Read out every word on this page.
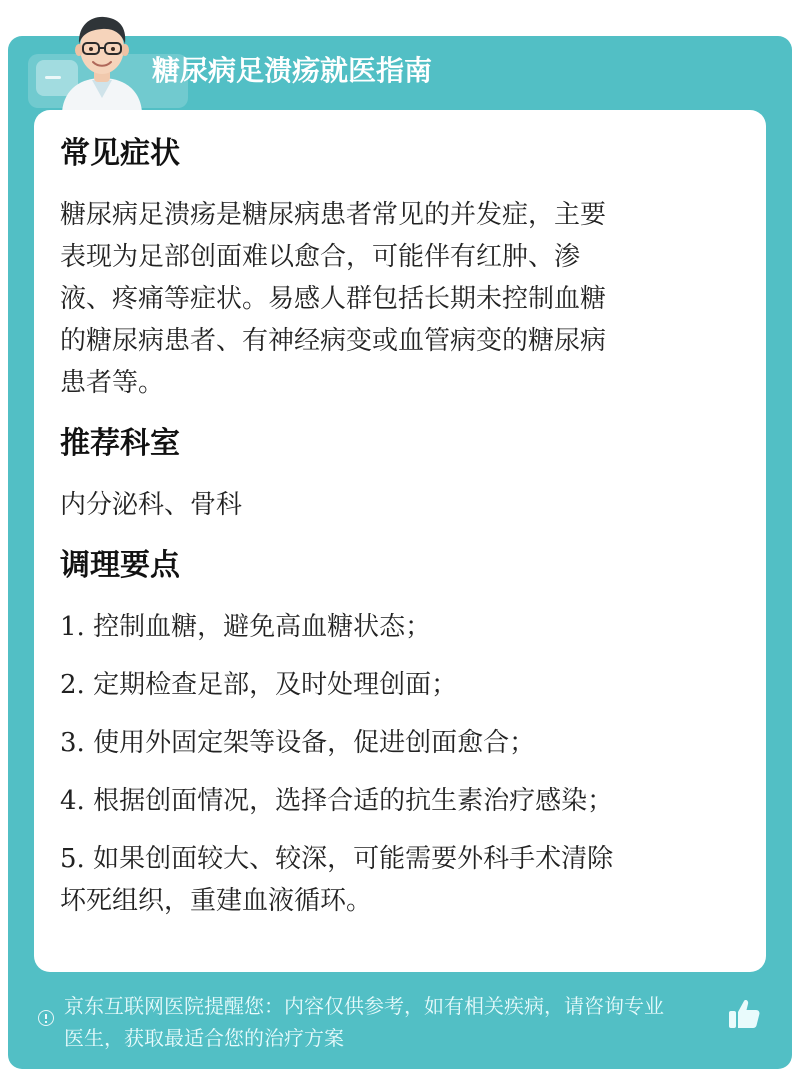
糖尿病足溃疡就医指南
常见症状

糖尿病足溃疡是糖尿病患者常见的并发症，主要

表现为足部创面难以愈合，可能伴有红肿、渗

液、疼痛等症状。易感人群包括长期未控制血糖

的糖尿病患者、有神经病变或血管病变的糖尿病

患者等。

推荐科室

内分泌科、骨科

调理要点

1. 控制血糖，避免高血糖状态；

2. 定期检查足部，及时处理创面；

3. 使用外固定架等设备，促进创面愈合；

4. 根据创面情况，选择合适的抗生素治疗感染；

5. 如果创面较大、较深，可能需要外科手术清除

坏死组织，重建血液循环。

京东互联网医院提醒您：内容仅供参考，如有相关疾病，请咨询专业
医生，获取最适合您的治疗方案
